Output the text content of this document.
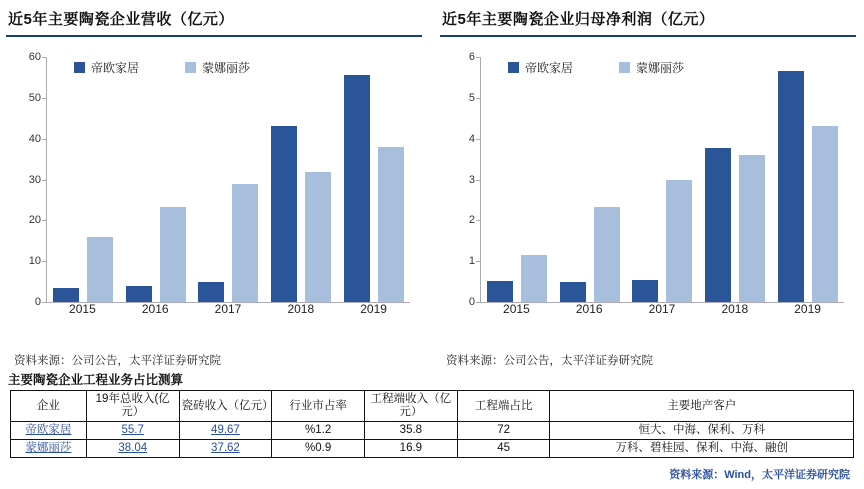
近5年主要陶瓷企业营收（亿元）
帝欧家居	蒙娜丽莎
0
10
20
30
40
50
60
2015	2016	2017	2018	2019
资料来源：公司公告，太平洋证券研究院
近5年主要陶瓷企业归母净利润（亿元）
帝欧家居	蒙娜丽莎
0
1
2
3
4
5
6
2015	2016	2017	2018	2019
资料来源：公司公告，太平洋证券研究院
主要陶瓷企业工程业务占比测算
企业	19年总收入(亿元）	瓷砖收入（亿元）	行业市占率	工程端收入（亿元）	工程端占比	主要地产客户
帝欧家居	55.7	49.67	%1.2	35.8	72	恒大、中海、保利、万科
蒙娜丽莎	38.04	37.62	%0.9	16.9	45	万科、碧桂园、保利、中海、融创
资料来源：Wind，太平洋证券研究院
